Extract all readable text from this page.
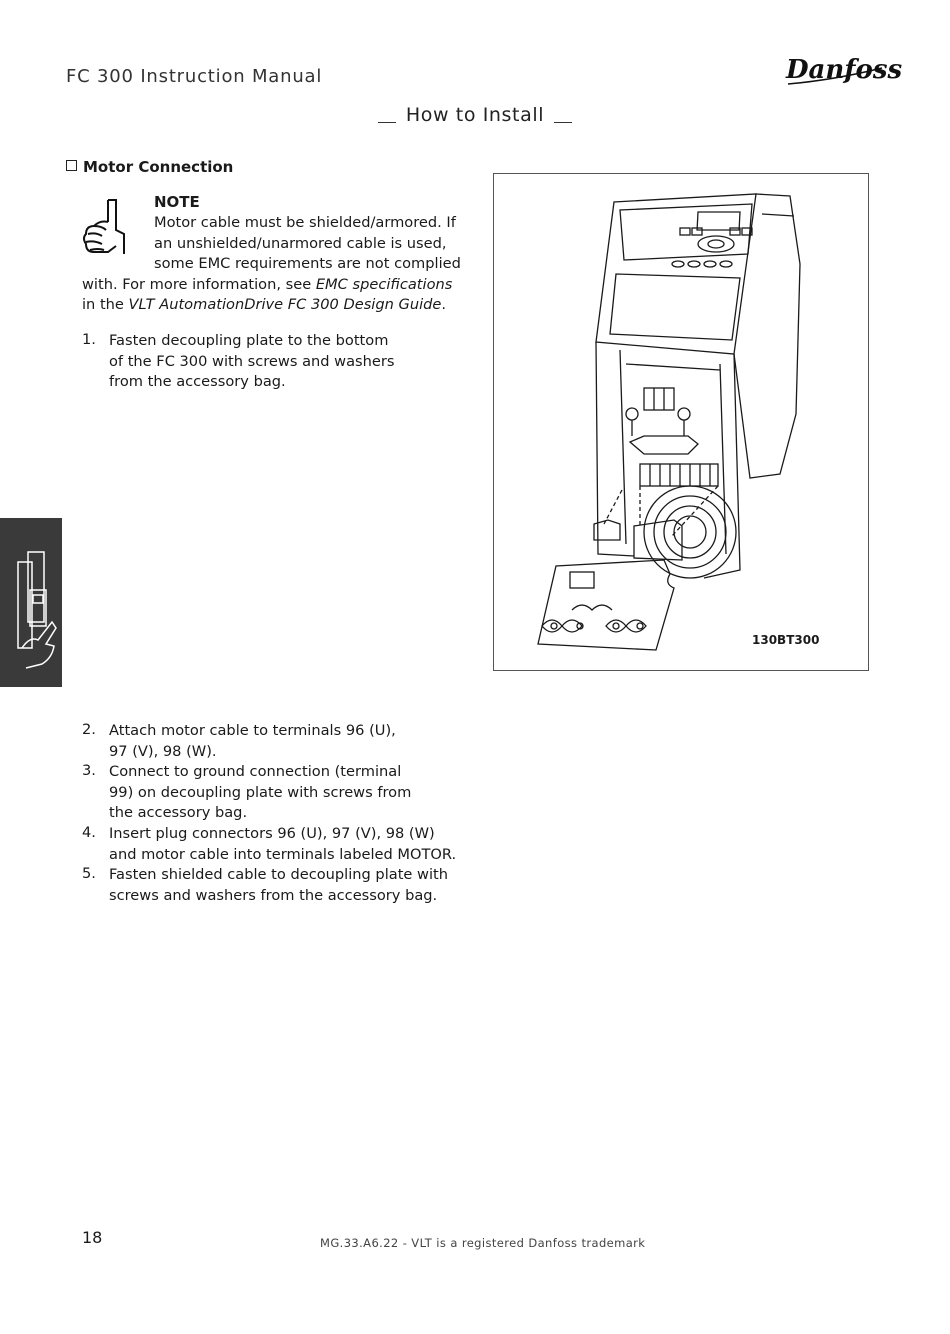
FC 300 Instruction Manual	Danfoss
How to Install
Motor Connection
NOTE
Motor cable must be shielded/armored. If
an unshielded/unarmored cable is used,
some EMC requirements are not complied
with. For more information, see EMC specifications
in the VLT AutomationDrive FC 300 Design Guide.
1. Fasten decoupling plate to the bottom
of the FC 300 with screws and washers
from the accessory bag.
130BT300
2. Attach motor cable to terminals 96 (U),
97 (V), 98 (W).
3. Connect to ground connection (terminal
99) on decoupling plate with screws from
the accessory bag.
4. Insert plug connectors 96 (U), 97 (V), 98 (W)
and motor cable into terminals labeled MOTOR.
5. Fasten shielded cable to decoupling plate with
screws and washers from the accessory bag.
18	MG.33.A6.22 - VLT is a registered Danfoss trademark
